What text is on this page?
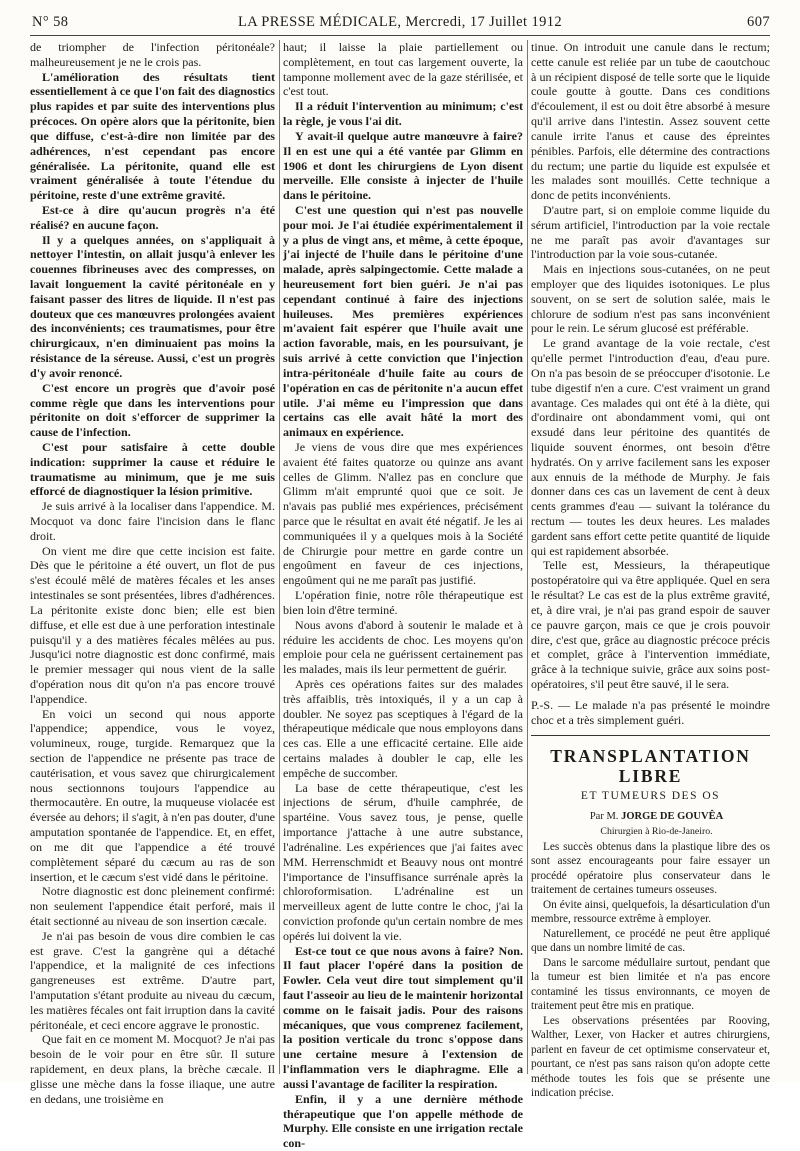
N° 58	LA PRESSE MÉDICALE, Mercredi, 17 Juillet 1912	607

de triompher de l'infection péritonéale? malheureusement je ne le crois pas.

L'amélioration des résultats tient essentiellement à ce que l'on fait des diagnostics plus rapides et par suite des interventions plus précoces. On opère alors que la péritonite, bien que diffuse, c'est-à-dire non limitée par des adhérences, n'est cependant pas encore généralisée. La péritonite, quand elle est vraiment généralisée à toute l'étendue du péritoine, reste d'une extrême gravité.

Est-ce à dire qu'aucun progrès n'a été réalisé? en aucune façon.

Il y a quelques années, on s'appliquait à nettoyer l'intestin, on allait jusqu'à enlever les couennes fibrineuses avec des compresses, on lavait longuement la cavité péritonéale en y faisant passer des litres de liquide. Il n'est pas douteux que ces manœuvres prolongées avaient des inconvénients; ces traumatismes, pour être chirurgicaux, n'en diminuaient pas moins la résistance de la séreuse. Aussi, c'est un progrès d'y avoir renoncé.

C'est encore un progrès que d'avoir posé comme règle que dans les interventions pour péritonite on doit s'efforcer de supprimer la cause de l'infection.

C'est pour satisfaire à cette double indication: supprimer la cause et réduire le traumatisme au minimum, que je me suis efforcé de diagnostiquer la lésion primitive.

Je suis arrivé à la localiser dans l'appendice. M. Mocquot va donc faire l'incision dans le flanc droit.

On vient me dire que cette incision est faite. Dès que le péritoine a été ouvert, un flot de pus s'est écoulé mêlé de matères fécales et les anses intestinales se sont présentées, libres d'adhérences. La péritonite existe donc bien; elle est bien diffuse, et elle est due à une perforation intestinale puisqu'il y a des matières fécales mêlées au pus. Jusqu'ici notre diagnostic est donc confirmé, mais le premier messager qui nous vient de la salle d'opération nous dit qu'on n'a pas encore trouvé l'appendice.

En voici un second qui nous apporte l'appendice; appendice, vous le voyez, volumineux, rouge, turgide. Remarquez que la section de l'appendice ne présente pas trace de cautérisation, et vous savez que chirurgicalement nous sectionnons toujours l'appendice au thermocautère. En outre, la muqueuse violacée est éversée au dehors; il s'agit, à n'en pas douter, d'une amputation spontanée de l'appendice. Et, en effet, on me dit que l'appendice a été trouvé complètement séparé du cæcum au ras de son insertion, et le cæcum s'est vidé dans le péritoine.

Notre diagnostic est donc pleinement confirmé: non seulement l'appendice était perforé, mais il était sectionné au niveau de son insertion cæcale.

Je n'ai pas besoin de vous dire combien le cas est grave. C'est la gangrène qui a détaché l'appendice, et la malignité de ces infections gangreneuses est extrême. D'autre part, l'amputation s'étant produite au niveau du cæcum, les matières fécales ont fait irruption dans la cavité péritonéale, et ceci encore aggrave le pronostic.

Que fait en ce moment M. Mocquot? Je n'ai pas besoin de le voir pour en être sûr. Il suture rapidement, en deux plans, la brèche cæcale. Il glisse une mèche dans la fosse iliaque, une autre en dedans, une troisième en

haut; il laisse la plaie partiellement ou complètement, en tout cas largement ouverte, la tamponne mollement avec de la gaze stérilisée, et c'est tout.

Il a réduit l'intervention au minimum; c'est la règle, je vous l'ai dit.

Y avait-il quelque autre manœuvre à faire? Il en est une qui a été vantée par Glimm en 1906 et dont les chirurgiens de Lyon disent merveille. Elle consiste à injecter de l'huile dans le péritoine.

C'est une question qui n'est pas nouvelle pour moi. Je l'ai étudiée expérimentalement il y a plus de vingt ans, et même, à cette époque, j'ai injecté de l'huile dans le péritoine d'une malade, après salpingectomie. Cette malade a heureusement fort bien guéri. Je n'ai pas cependant continué à faire des injections huileuses. Mes premières expériences m'avaient fait espérer que l'huile avait une action favorable, mais, en les poursuivant, je suis arrivé à cette conviction que l'injection intra-péritonéale d'huile faite au cours de l'opération en cas de péritonite n'a aucun effet utile. J'ai même eu l'impression que dans certains cas elle avait hâté la mort des animaux en expérience.

Je viens de vous dire que mes expériences avaient été faites quatorze ou quinze ans avant celles de Glimm. N'allez pas en conclure que Glimm m'ait emprunté quoi que ce soit. Je n'avais pas publié mes expériences, précisément parce que le résultat en avait été négatif. Je les ai communiquées il y a quelques mois à la Société de Chirurgie pour mettre en garde contre un engoûment en faveur de ces injections, engoûment qui ne me paraît pas justifié.

L'opération finie, notre rôle thérapeutique est bien loin d'être terminé.

Nous avons d'abord à soutenir le malade et à réduire les accidents de choc. Les moyens qu'on emploie pour cela ne guérissent certainement pas les malades, mais ils leur permettent de guérir.

Après ces opérations faites sur des malades très affaiblis, très intoxiqués, il y a un cap à doubler. Ne soyez pas sceptiques à l'égard de la thérapeutique médicale que nous employons dans ces cas. Elle a une efficacité certaine. Elle aide certains malades à doubler le cap, elle les empêche de succomber.

La base de cette thérapeutique, c'est les injections de sérum, d'huile camphrée, de spartéine. Vous savez tous, je pense, quelle importance j'attache à une autre substance, l'adrénaline. Les expériences que j'ai faites avec MM. Herrenschmidt et Beauvy nous ont montré l'importance de l'insuffisance surrénale après la chloroformisation. L'adrénaline est un merveilleux agent de lutte contre le choc, j'ai la conviction profonde qu'un certain nombre de mes opérés lui doivent la vie.

Est-ce tout ce que nous avons à faire? Non. Il faut placer l'opéré dans la position de Fowler. Cela veut dire tout simplement qu'il faut l'asseoir au lieu de le maintenir horizontal comme on le faisait jadis. Pour des raisons mécaniques, que vous comprenez facilement, la position verticale du tronc s'oppose dans une certaine mesure à l'extension de l'inflammation vers le diaphragme. Elle a aussi l'avantage de faciliter la respiration.

Enfin, il y a une dernière méthode thérapeutique que l'on appelle méthode de Murphy. Elle consiste en une irrigation rectale con-

tinue. On introduit une canule dans le rectum; cette canule est reliée par un tube de caoutchouc à un récipient disposé de telle sorte que le liquide coule goutte à goutte. Dans ces conditions d'écoulement, il est ou doit être absorbé à mesure qu'il arrive dans l'intestin. Assez souvent cette canule irrite l'anus et cause des épreintes pénibles. Parfois, elle détermine des contractions du rectum; une partie du liquide est expulsée et les malades sont mouillés. Cette technique a donc de petits inconvénients.

D'autre part, si on emploie comme liquide du sérum artificiel, l'introduction par la voie rectale ne me paraît pas avoir d'avantages sur l'introduction par la voie sous-cutanée.

Mais en injections sous-cutanées, on ne peut employer que des liquides isotoniques. Le plus souvent, on se sert de solution salée, mais le chlorure de sodium n'est pas sans inconvénient pour le rein. Le sérum glucosé est préférable.

Le grand avantage de la voie rectale, c'est qu'elle permet l'introduction d'eau, d'eau pure. On n'a pas besoin de se préoccuper d'isotonie. Le tube digestif n'en a cure. C'est vraiment un grand avantage. Ces malades qui ont été à la diète, qui d'ordinaire ont abondamment vomi, qui ont exsudé dans leur péritoine des quantités de liquide souvent énormes, ont besoin d'être hydratés. On y arrive facilement sans les exposer aux ennuis de la méthode de Murphy. Je fais donner dans ces cas un lavement de cent à deux cents grammes d'eau — suivant la tolérance du rectum — toutes les deux heures. Les malades gardent sans effort cette petite quantité de liquide qui est rapidement absorbée.

Telle est, Messieurs, la thérapeutique postopératoire qui va être appliquée. Quel en sera le résultat? Le cas est de la plus extrême gravité, et, à dire vrai, je n'ai pas grand espoir de sauver ce pauvre garçon, mais ce que je crois pouvoir dire, c'est que, grâce au diagnostic précoce précis et complet, grâce à l'intervention immédiate, grâce à la technique suivie, grâce aux soins post-opératoires, s'il peut être sauvé, il le sera.

P.-S. — Le malade n'a pas présenté le moindre choc et a très simplement guéri.

TRANSPLANTATION LIBRE
ET TUMEURS DES OS

Par M. JORGE DE GOUVÊA

Chirurgien à Rio-de-Janeiro.

Les succès obtenus dans la plastique libre des os sont assez encourageants pour faire essayer un procédé opératoire plus conservateur dans le traitement de certaines tumeurs osseuses.

On évite ainsi, quelquefois, la désarticulation d'un membre, ressource extrême à employer.

Naturellement, ce procédé ne peut être appliqué que dans un nombre limité de cas.

Dans le sarcome médullaire surtout, pendant que la tumeur est bien limitée et n'a pas encore contaminé les tissus environnants, ce moyen de traitement peut être mis en pratique.

Les observations présentées par Rooving, Walther, Lexer, von Hacker et autres chirurgiens, parlent en faveur de cet optimisme conservateur et, pourtant, ce n'est pas sans raison qu'on adopte cette méthode toutes les fois que se présente une indication précise.
